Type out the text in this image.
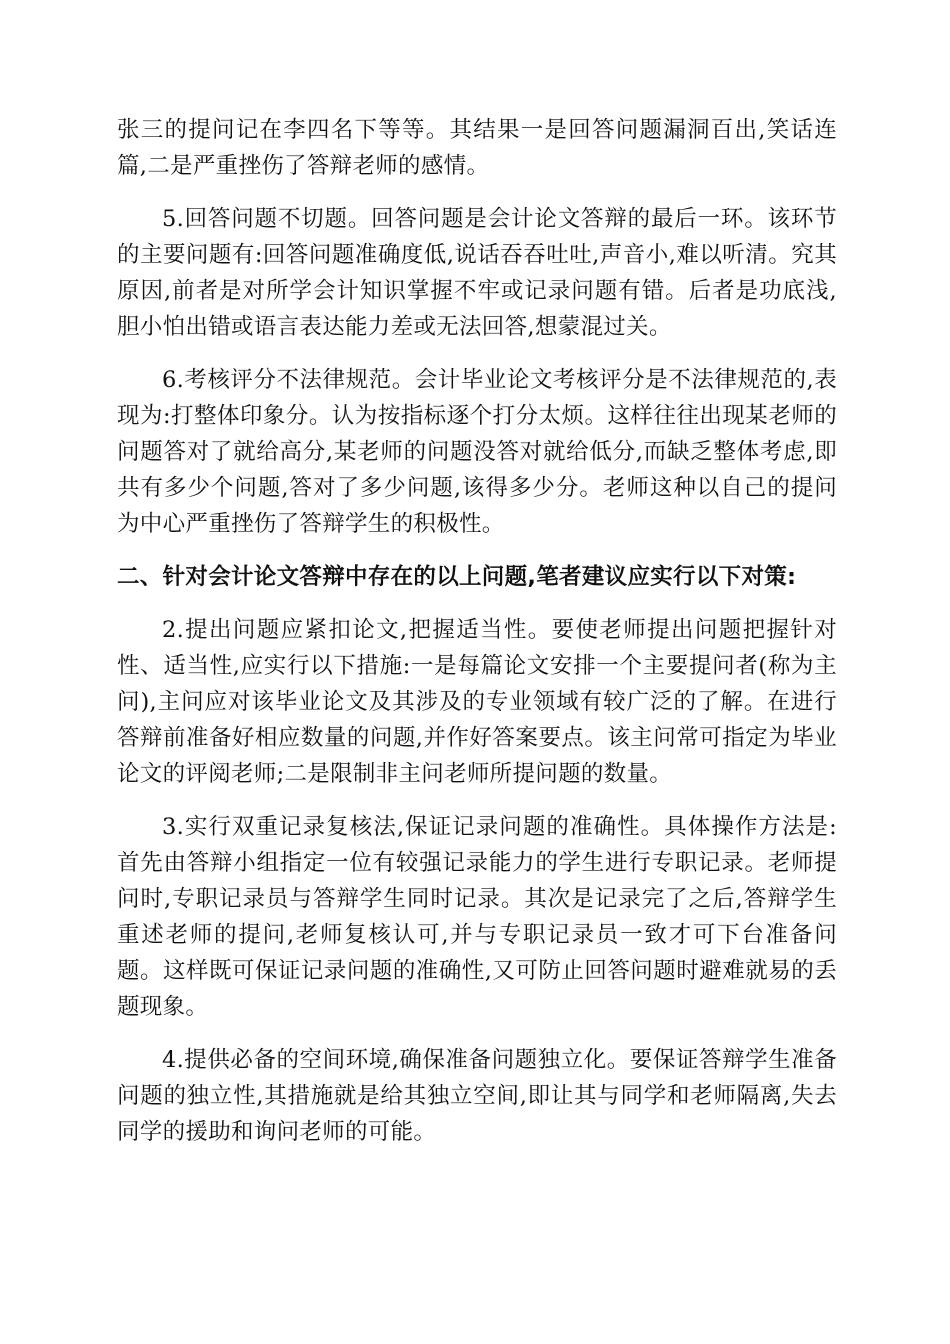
张三的提问记在李四名下等等。其结果一是回答问题漏洞百出,笑话连篇,二是严重挫伤了答辩老师的感情。

5.回答问题不切题。回答问题是会计论文答辩的最后一环。该环节的主要问题有:回答问题准确度低,说话吞吞吐吐,声音小,难以听清。究其原因,前者是对所学会计知识掌握不牢或记录问题有错。后者是功底浅,胆小怕出错或语言表达能力差或无法回答,想蒙混过关。

6.考核评分不法律规范。会计毕业论文考核评分是不法律规范的,表现为:打整体印象分。认为按指标逐个打分太烦。这样往往出现某老师的问题答对了就给高分,某老师的问题没答对就给低分,而缺乏整体考虑,即共有多少个问题,答对了多少问题,该得多少分。老师这种以自己的提问为中心严重挫伤了答辩学生的积极性。

二、针对会计论文答辩中存在的以上问题,笔者建议应实行以下对策:

2.提出问题应紧扣论文,把握适当性。要使老师提出问题把握针对性、适当性,应实行以下措施:一是每篇论文安排一个主要提问者(称为主问),主问应对该毕业论文及其涉及的专业领域有较广泛的了解。在进行答辩前准备好相应数量的问题,并作好答案要点。该主问常可指定为毕业论文的评阅老师;二是限制非主问老师所提问题的数量。

3.实行双重记录复核法,保证记录问题的准确性。具体操作方法是:首先由答辩小组指定一位有较强记录能力的学生进行专职记录。老师提问时,专职记录员与答辩学生同时记录。其次是记录完了之后,答辩学生重述老师的提问,老师复核认可,并与专职记录员一致才可下台准备问题。这样既可保证记录问题的准确性,又可防止回答问题时避难就易的丢题现象。

4.提供必备的空间环境,确保准备问题独立化。要保证答辩学生准备问题的独立性,其措施就是给其独立空间,即让其与同学和老师隔离,失去同学的援助和询问老师的可能。
